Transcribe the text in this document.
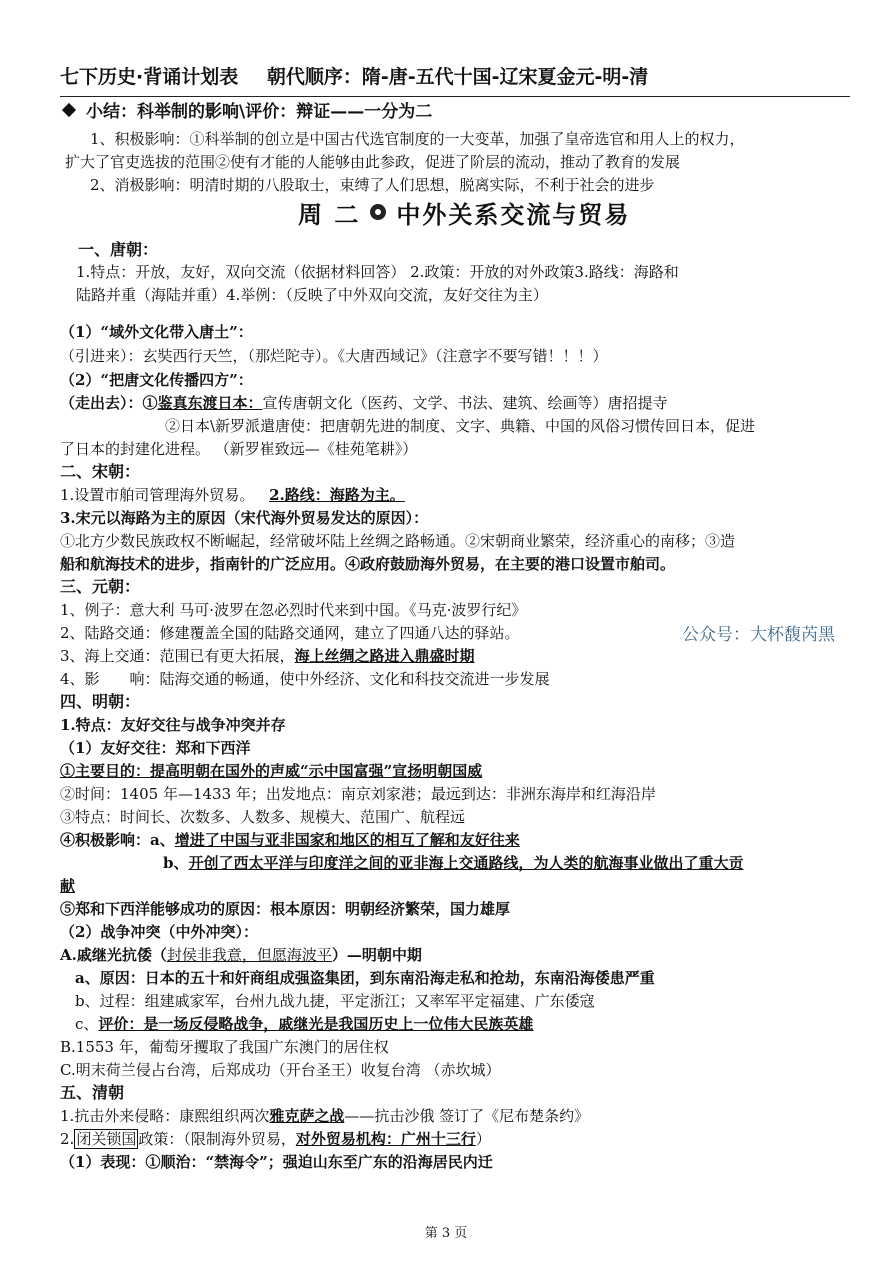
七下历史·背诵计划表 朝代顺序：隋-唐-五代十国-辽宋夏金元-明-清
小结：科举制的影响\评价：辩证——一分为二
1、积极影响：①科举制的创立是中国古代选官制度的一大变革，加强了皇帝选官和用人上的权力，
扩大了官吏选拔的范围②使有才能的人能够由此参政，促进了阶层的流动，推动了教育的发展
2、消极影响：明清时期的八股取士，束缚了人们思想，脱离实际，不利于社会的进步
周 二 中外关系交流与贸易
一、唐朝：
1.特点：开放，友好，双向交流（依据材料回答） 2.政策：开放的对外政策3.路线：海路和
陆路并重（海陆并重）4.举例：（反映了中外双向交流，友好交往为主）
（1）“域外文化带入唐土”：
（引进来）：玄奘西行天竺，（那烂陀寺）。《大唐西域记》（注意字不要写错！！！）
（2）“把唐文化传播四方”：
（走出去）：①鉴真东渡日本：宣传唐朝文化（医药、文学、书法、建筑、绘画等）唐招提寺
②日本\新罗派遣唐使：把唐朝先进的制度、文字、典籍、中国的风俗习惯传回日本，促进
了日本的封建化进程。 （新罗崔致远—《桂苑笔耕》）
二、宋朝：
1.设置市舶司管理海外贸易。 2.路线：海路为主。
3.宋元以海路为主的原因（宋代海外贸易发达的原因）：
①北方少数民族政权不断崛起，经常破坏陆上丝绸之路畅通。②宋朝商业繁荣，经济重心的南移；③造
船和航海技术的进步，指南针的广泛应用。④政府鼓励海外贸易，在主要的港口设置市舶司。
三、元朝：
1、例子：意大利 马可·波罗在忽必烈时代来到中国。《马克·波罗行纪》
2、陆路交通：修建覆盖全国的陆路交通网，建立了四通八达的驿站。
3、海上交通：范围已有更大拓展，海上丝绸之路进入鼎盛时期
4、影　　响：陆海交通的畅通，使中外经济、文化和科技交流进一步发展
公众号：大杯馥芮黑
四、明朝：
1.特点：友好交往与战争冲突并存
（1）友好交往：郑和下西洋
①主要目的：提高明朝在国外的声威“示中国富强”宣扬明朝国威
②时间：1405 年—1433 年；出发地点：南京刘家港；最远到达：非洲东海岸和红海沿岸
③特点：时间长、次数多、人数多、规模大、范围广、航程远
④积极影响：a、增进了中国与亚非国家和地区的相互了解和友好往来
b、开创了西太平洋与印度洋之间的亚非海上交通路线，为人类的航海事业做出了重大贡
献
⑤郑和下西洋能够成功的原因：根本原因：明朝经济繁荣，国力雄厚
（2）战争冲突（中外冲突）：
A.戚继光抗倭（封侯非我意，但愿海波平）—明朝中期
a、原因：日本的五十和奸商组成强盗集团，到东南沿海走私和抢劫，东南沿海倭患严重
b、过程：组建戚家军，台州九战九捷，平定浙江；又率军平定福建、广东倭寇
c、评价：是一场反侵略战争，戚继光是我国历史上一位伟大民族英雄
B.1553 年，葡萄牙攫取了我国广东澳门的居住权
C.明末荷兰侵占台湾，后郑成功（开台圣王）收复台湾 （赤坎城）
五、清朝
1.抗击外来侵略：康熙组织两次雅克萨之战——抗击沙俄 签订了《尼布楚条约》
2. 闭关锁国 政策：（限制海外贸易，对外贸易机构：广州十三行）
（1）表现：①顺治：“禁海令”；强迫山东至广东的沿海居民内迁
第 3 页
